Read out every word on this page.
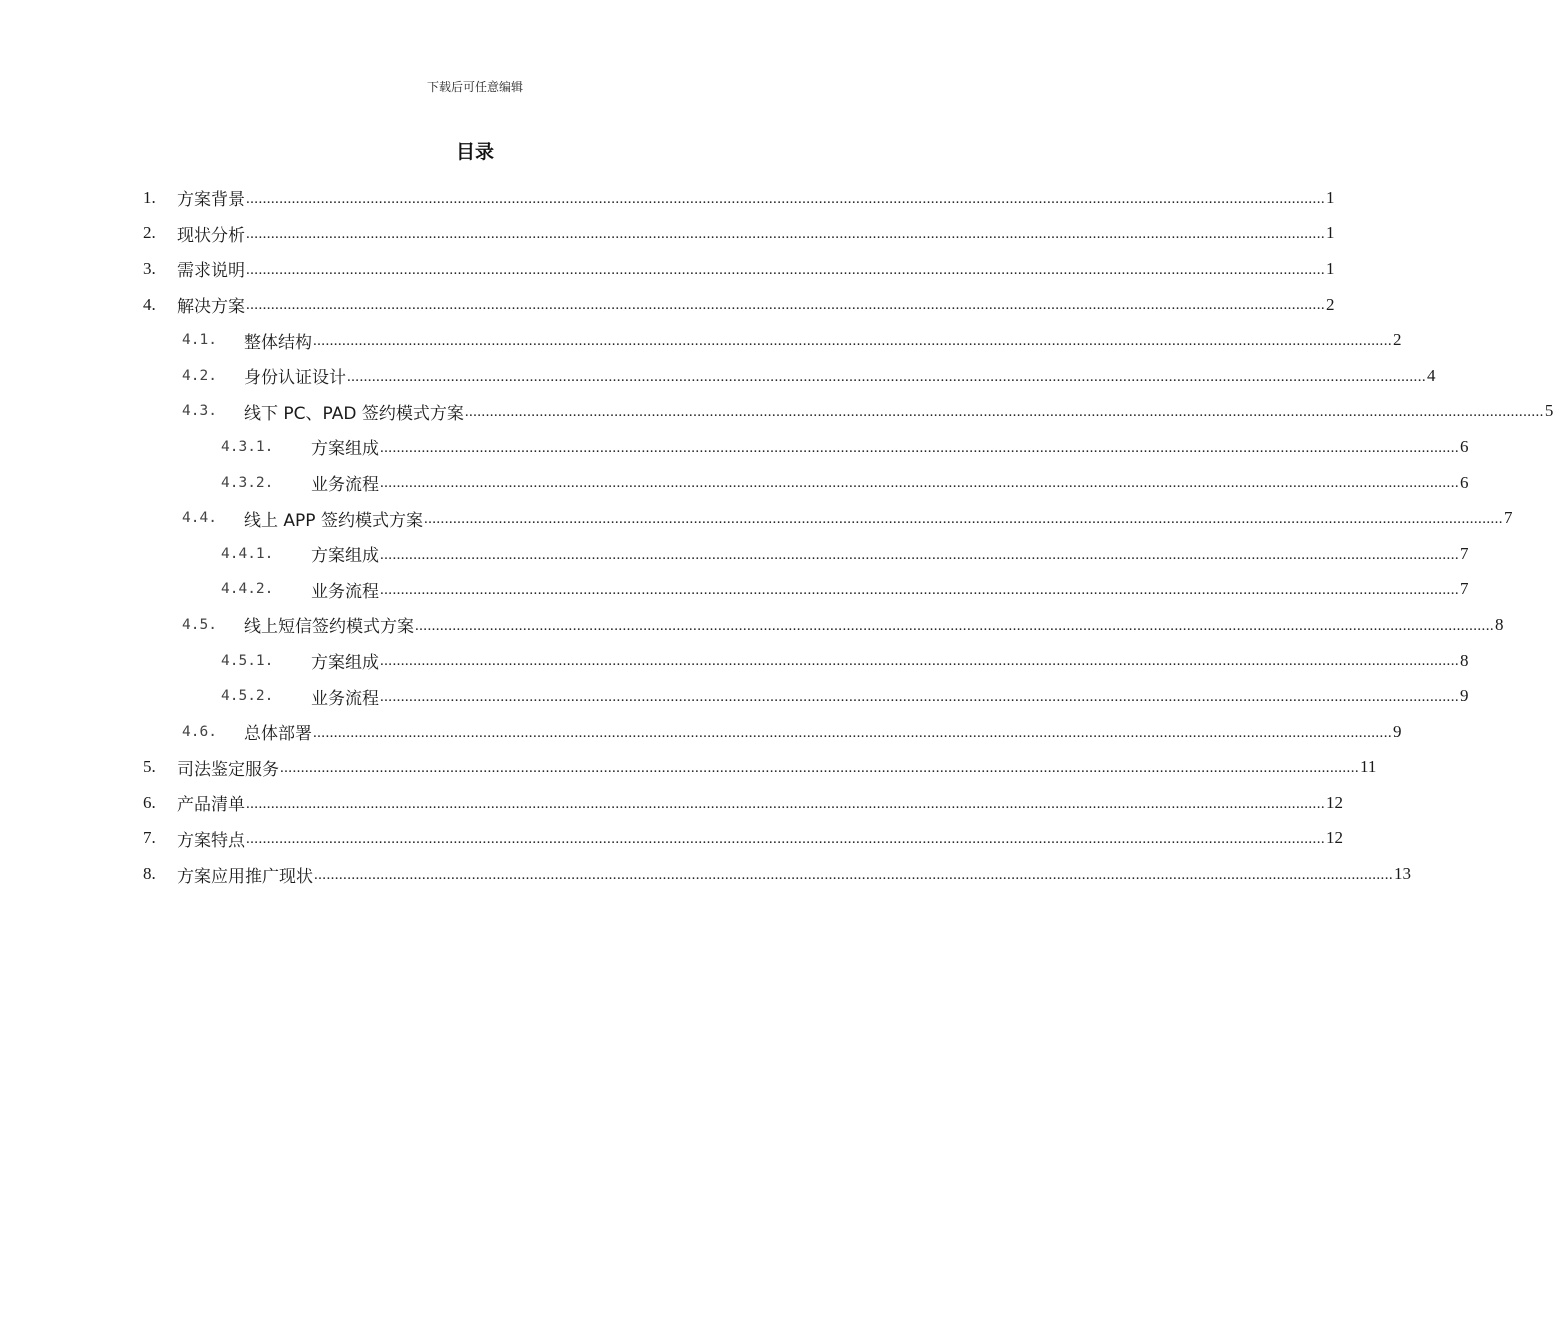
下载后可任意编辑
目录
1.	方案背景 .................................................................................................................................................................................................................................................................... 1
2.	现状分析 .................................................................................................................................................................................................................................................................... 1
3.	需求说明 .................................................................................................................................................................................................................................................................... 1
4.	解决方案 .................................................................................................................................................................................................................................................................... 2
4.1.	整体结构 .................................................................................................................................................................................................................................................................... 2
4.2.	身份认证设计 .................................................................................................................................................................................................................................................................... 4
4.3.	线下 PC、PAD 签约模式方案 .................................................................................................................................................................................................................................................................... 5
4.3.1.	方案组成 .................................................................................................................................................................................................................................................................... 6
4.3.2.	业务流程 .................................................................................................................................................................................................................................................................... 6
4.4.	线上 APP 签约模式方案 .................................................................................................................................................................................................................................................................... 7
4.4.1.	方案组成 .................................................................................................................................................................................................................................................................... 7
4.4.2.	业务流程 .................................................................................................................................................................................................................................................................... 7
4.5.	线上短信签约模式方案 .................................................................................................................................................................................................................................................................... 8
4.5.1.	方案组成 .................................................................................................................................................................................................................................................................... 8
4.5.2.	业务流程 .................................................................................................................................................................................................................................................................... 9
4.6.	总体部署 .................................................................................................................................................................................................................................................................... 9
5.	司法鉴定服务 .................................................................................................................................................................................................................................................................... 11
6.	产品清单 .................................................................................................................................................................................................................................................................... 12
7.	方案特点 .................................................................................................................................................................................................................................................................... 12
8.	方案应用推广现状 .................................................................................................................................................................................................................................................................... 13
